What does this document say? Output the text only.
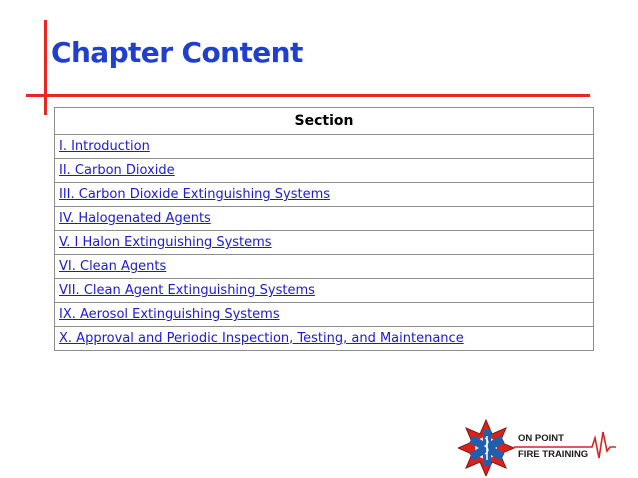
Chapter Content
Section
I. Introduction
II. Carbon Dioxide
III. Carbon Dioxide Extinguishing Systems
IV. Halogenated Agents
V. I Halon Extinguishing Systems
VI. Clean Agents
VII. Clean Agent Extinguishing Systems
IX. Aerosol Extinguishing Systems
X. Approval and Periodic Inspection, Testing, and Maintenance
ON POINT
FIRE TRAINING
